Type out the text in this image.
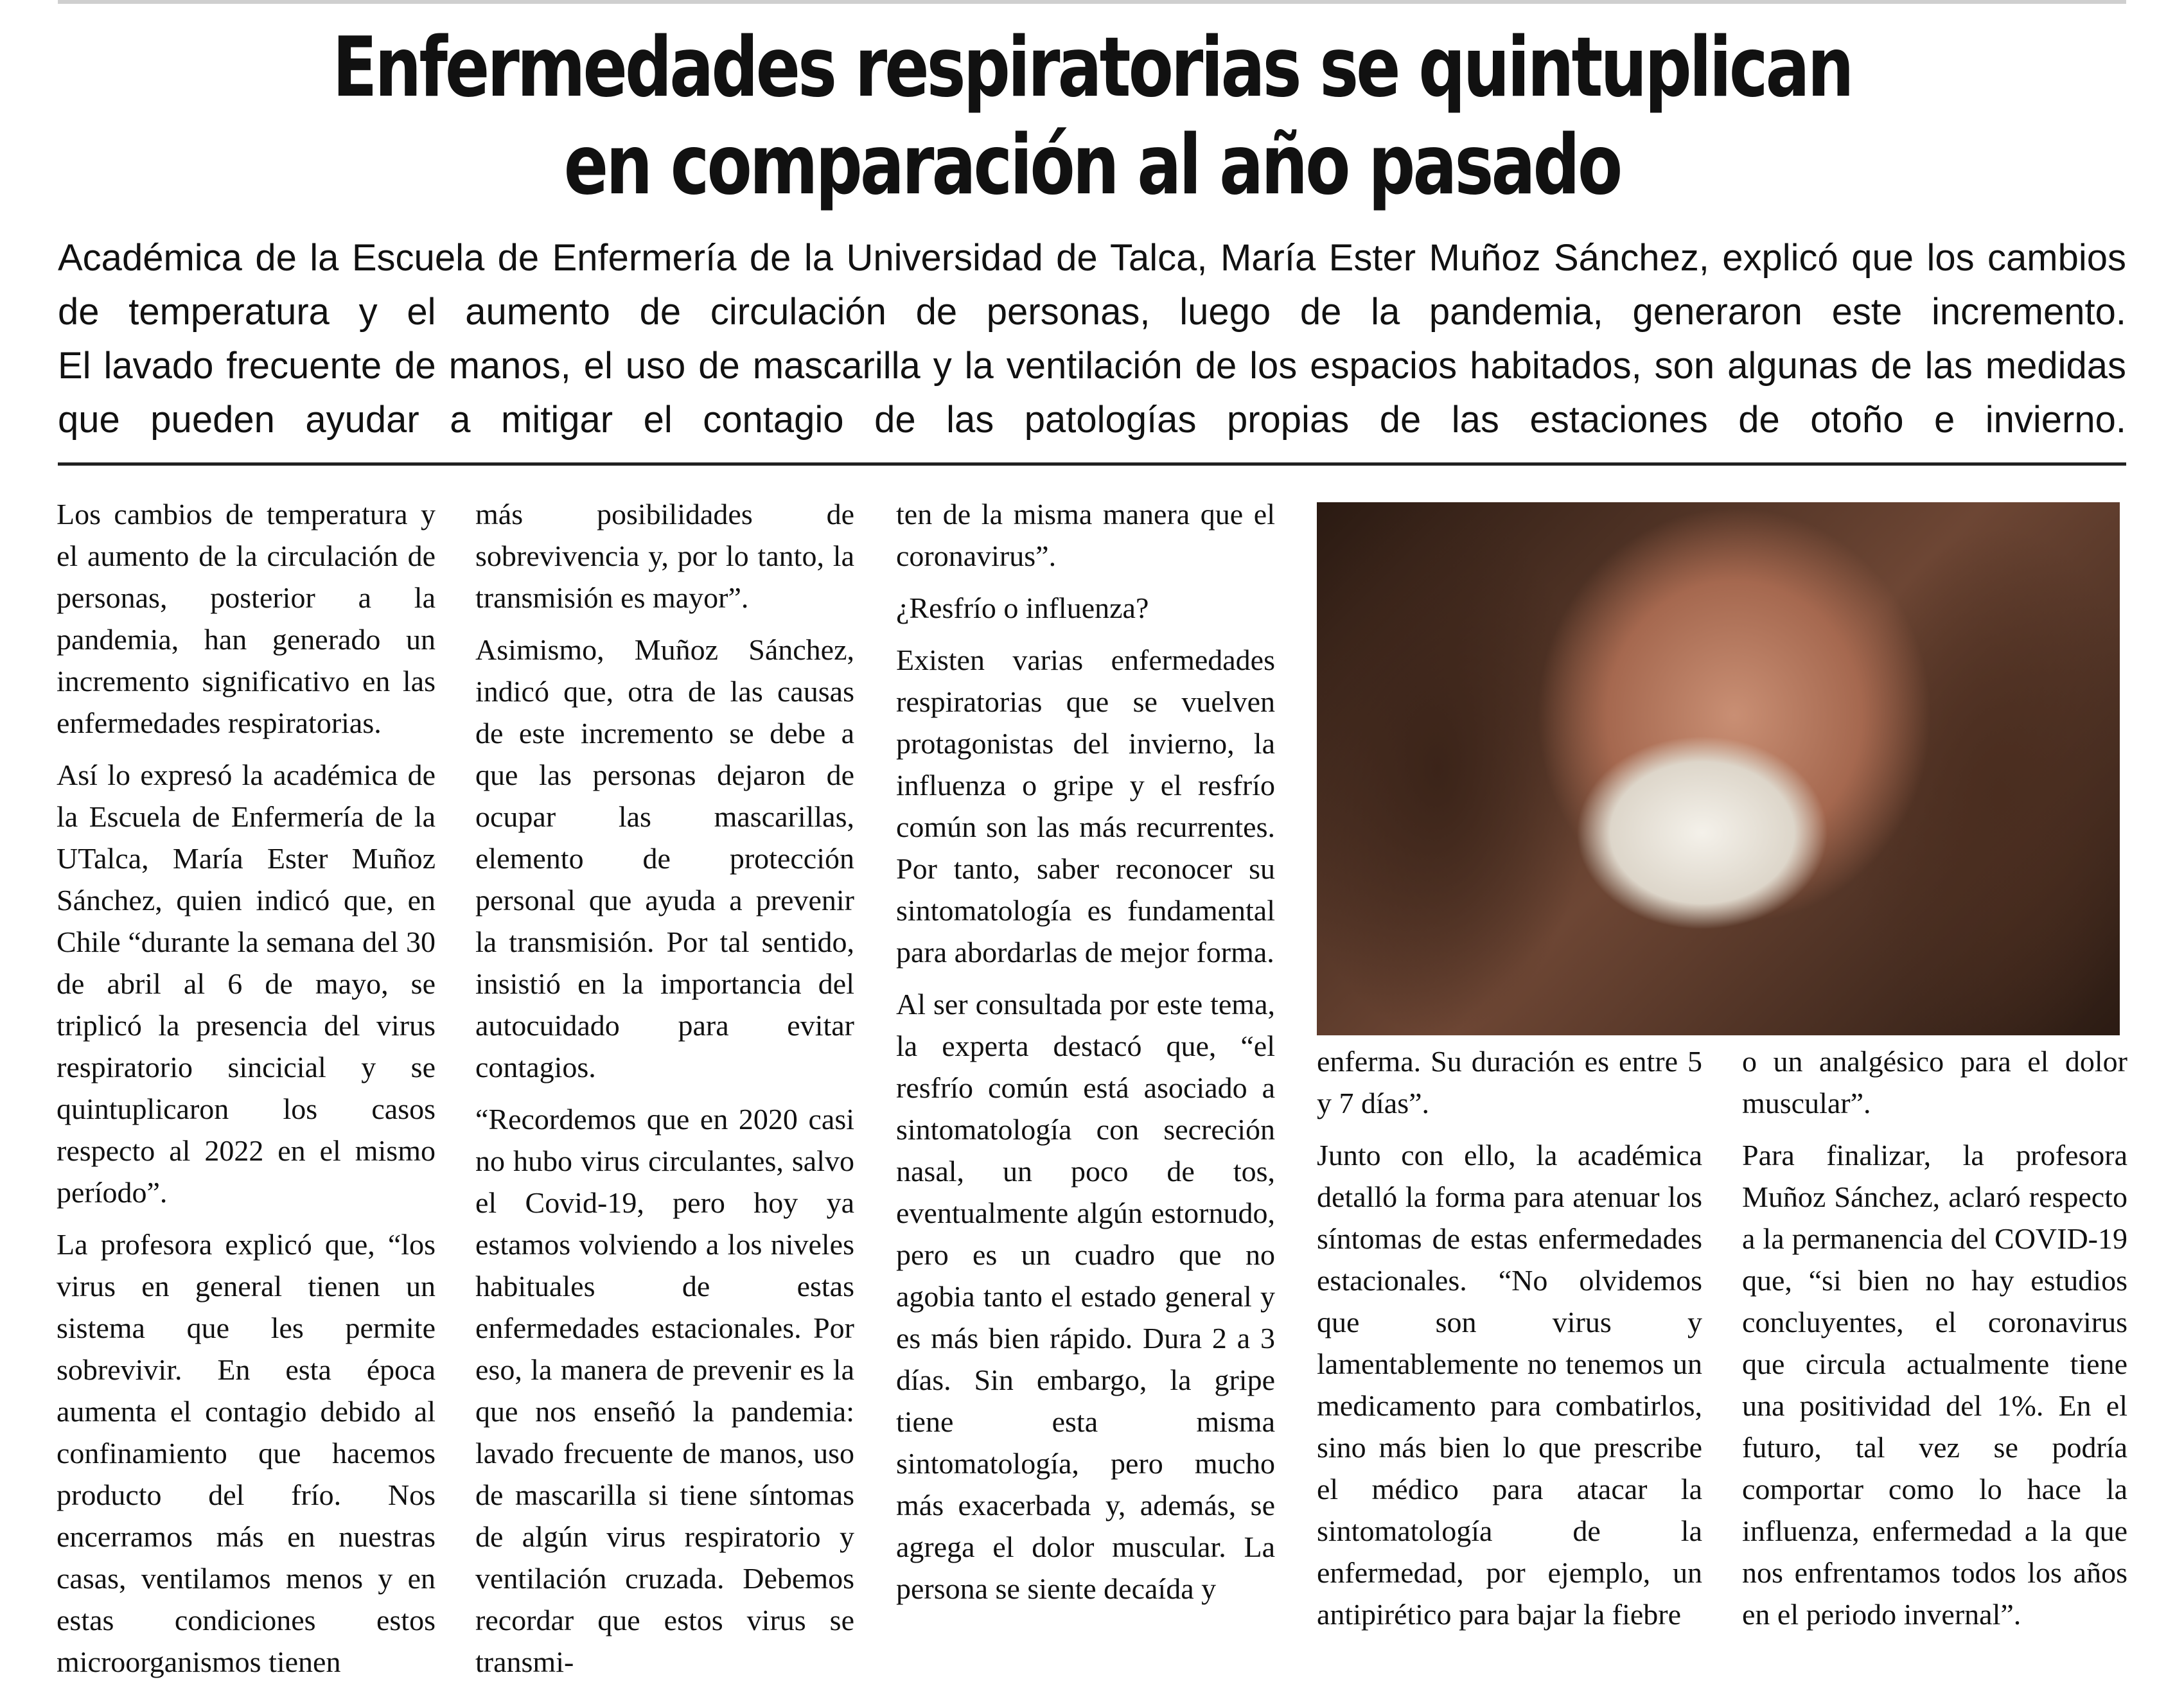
Enfermedades respiratorias se quintuplican
en comparación al año pasado

Académica de la Escuela de Enfermería de la Universidad de Talca, María Ester Muñoz Sánchez, explicó que los cambios de temperatura y el aumento de circulación de personas, luego de la pandemia, generaron este incremento.

El lavado frecuente de manos, el uso de mascarilla y la ventilación de los espacios habitados, son algunas de las medidas que pueden ayudar a mitigar el contagio de las patologías propias de las estaciones de otoño e invierno.

Los cambios de temperatura y el aumento de la circulación de personas, posterior a la pandemia, han generado un incremento significativo en las enfermedades respiratorias.

Así lo expresó la académica de la Escuela de Enfermería de la UTalca, María Ester Muñoz Sánchez, quien indicó que, en Chile “durante la semana del 30 de abril al 6 de mayo, se triplicó la presencia del virus respiratorio sincicial y se quintuplicaron los casos respecto al 2022 en el mismo período”.

La profesora explicó que, “los virus en general tienen un sistema que les permite sobrevivir. En esta época aumenta el contagio debido al confinamiento que hacemos producto del frío. Nos encerramos más en nuestras casas, ventilamos menos y en estas condiciones estos microorganismos tienen

más posibilidades de sobrevivencia y, por lo tanto, la transmisión es mayor”.

Asimismo, Muñoz Sánchez, indicó que, otra de las causas de este incremento se debe a que las personas dejaron de ocupar las mascarillas, elemento de protección personal que ayuda a prevenir la transmisión. Por tal sentido, insistió en la importancia del autocuidado para evitar contagios.

“Recordemos que en 2020 casi no hubo virus circulantes, salvo el Covid-19, pero hoy ya estamos volviendo a los niveles habituales de estas enfermedades estacionales. Por eso, la manera de prevenir es la que nos enseñó la pandemia: lavado frecuente de manos, uso de mascarilla si tiene síntomas de algún virus respiratorio y ventilación cruzada. Debemos recordar que estos virus se transmi-

ten de la misma manera que el coronavirus”.

¿Resfrío o influenza?

Existen varias enfermedades respiratorias que se vuelven protagonistas del invierno, la influenza o gripe y el resfrío común son las más recurrentes. Por tanto, saber reconocer su sintomatología es fundamental para abordarlas de mejor forma.

Al ser consultada por este tema, la experta destacó que, “el resfrío común está asociado a sintomatología con secreción nasal, un poco de tos, eventualmente algún estornudo, pero es un cuadro que no agobia tanto el estado general y es más bien rápido. Dura 2 a 3 días. Sin embargo, la gripe tiene esta misma sintomatología, pero mucho más exacerbada y, además, se agrega el dolor muscular. La persona se siente decaída y

enferma. Su duración es entre 5 y 7 días”.

Junto con ello, la académica detalló la forma para atenuar los síntomas de estas enfermedades estacionales. “No olvidemos que son virus y lamentablemente no tenemos un medicamento para combatirlos, sino más bien lo que prescribe el médico para atacar la sintomatología de la enfermedad, por ejemplo, un antipirético para bajar la fiebre

o un analgésico para el dolor muscular”.

Para finalizar, la profesora Muñoz Sánchez, aclaró respecto a la permanencia del COVID-19 que, “si bien no hay estudios concluyentes, el coronavirus que circula actualmente tiene una positividad del 1%. En el futuro, tal vez se podría comportar como lo hace la influenza, enfermedad a la que nos enfrentamos todos los años en el periodo invernal”.
